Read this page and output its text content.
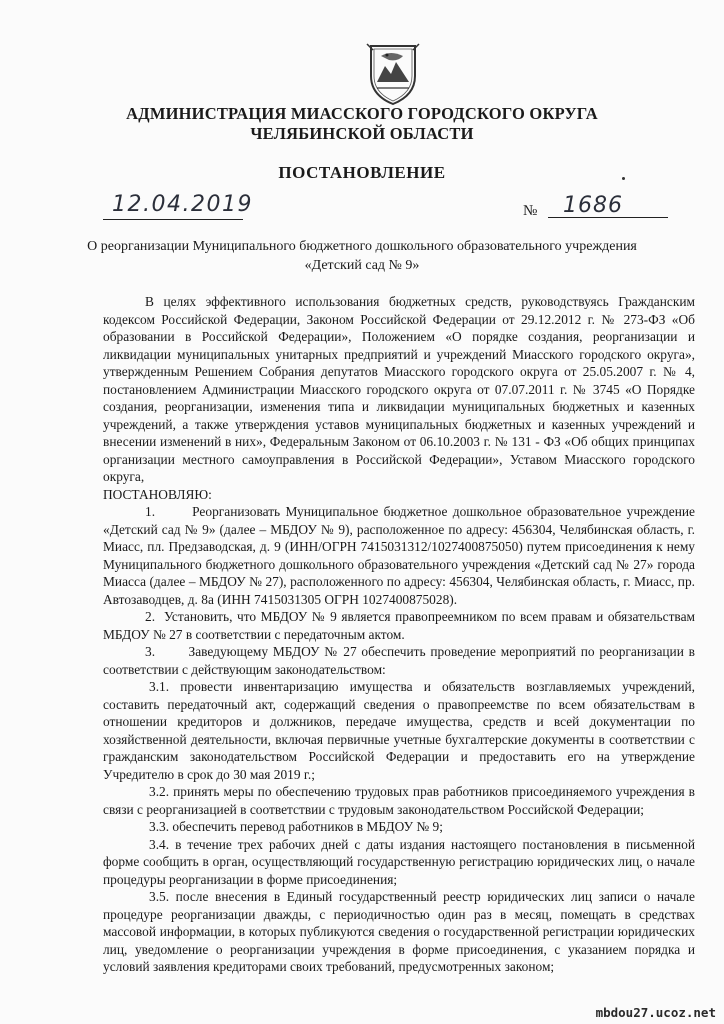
АДМИНИСТРАЦИЯ МИАССКОГО ГОРОДСКОГО ОКРУГА
ЧЕЛЯБИНСКОЙ ОБЛАСТИ
ПОСТАНОВЛЕНИЕ
12.04.2019	№ 1686
О реорганизации Муниципального бюджетного дошкольного образовательного учреждения
«Детский сад № 9»

В целях эффективного использования бюджетных средств, руководствуясь Гражданским кодексом Российской Федерации, Законом Российской Федерации от 29.12.2012 г. № 273-ФЗ «Об образовании в Российской Федерации», Положением «О порядке создания, реорганизации и ликвидации муниципальных унитарных предприятий и учреждений Миасского городского округа», утвержденным Решением Собрания депутатов Миасского городского округа от 25.05.2007 г. № 4, постановлением Администрации Миасского городского округа от 07.07.2011 г. № 3745 «О Порядке создания, реорганизации, изменения типа и ликвидации муниципальных бюджетных и казенных учреждений, а также утверждения уставов муниципальных бюджетных и казенных учреждений и внесении изменений в них», Федеральным Законом от 06.10.2003 г. № 131 - ФЗ «Об общих принципах организации местного самоуправления в Российской Федерации», Уставом Миасского городского округа,

ПОСТАНОВЛЯЮ:

1.       Реорганизовать Муниципальное бюджетное дошкольное образовательное учреждение «Детский сад № 9» (далее – МБДОУ № 9), расположенное по адресу: 456304, Челябинская область, г. Миасс, пл. Предзаводская, д. 9 (ИНН/ОГРН 7415031312/1027400875050) путем присоединения к нему Муниципального бюджетного дошкольного образовательного учреждения «Детский сад № 27» города Миасса (далее – МБДОУ № 27), расположенного по адресу: 456304, Челябинская область, г. Миасс, пр. Автозаводцев, д. 8а (ИНН 7415031305 ОГРН 1027400875028).

2.  Установить, что МБДОУ № 9 является правопреемником по всем правам и обязательствам МБДОУ № 27 в соответствии с передаточным актом.

3.       Заведующему МБДОУ № 27 обеспечить проведение мероприятий по реорганизации в соответствии с действующим законодательством:

3.1. провести инвентаризацию имущества и обязательств возглавляемых учреждений, составить передаточный акт, содержащий сведения о правопреемстве по всем обязательствам в отношении кредиторов и должников, передаче имущества, средств и всей документации по хозяйственной деятельности, включая первичные учетные бухгалтерские документы в соответствии с гражданским законодательством Российской Федерации и предоставить его на утверждение Учредителю в срок до 30 мая 2019 г.;

3.2. принять меры по обеспечению трудовых прав работников присоединяемого учреждения в связи с реорганизацией в соответствии с трудовым законодательством Российской Федерации;

3.3. обеспечить перевод работников в МБДОУ № 9;

3.4. в течение трех рабочих дней с даты издания настоящего постановления в письменной форме сообщить в орган, осуществляющий государственную регистрацию юридических лиц, о начале процедуры реорганизации в форме присоединения;

3.5. после внесения в Единый государственный реестр юридических лиц записи о начале процедуре реорганизации дважды, с периодичностью один раз в месяц, помещать в средствах массовой информации, в которых публикуются сведения о государственной регистрации юридических лиц, уведомление о реорганизации учреждения в форме присоединения, с указанием порядка и условий заявления кредиторами своих требований, предусмотренных законом;

mbdou27.ucoz.net
